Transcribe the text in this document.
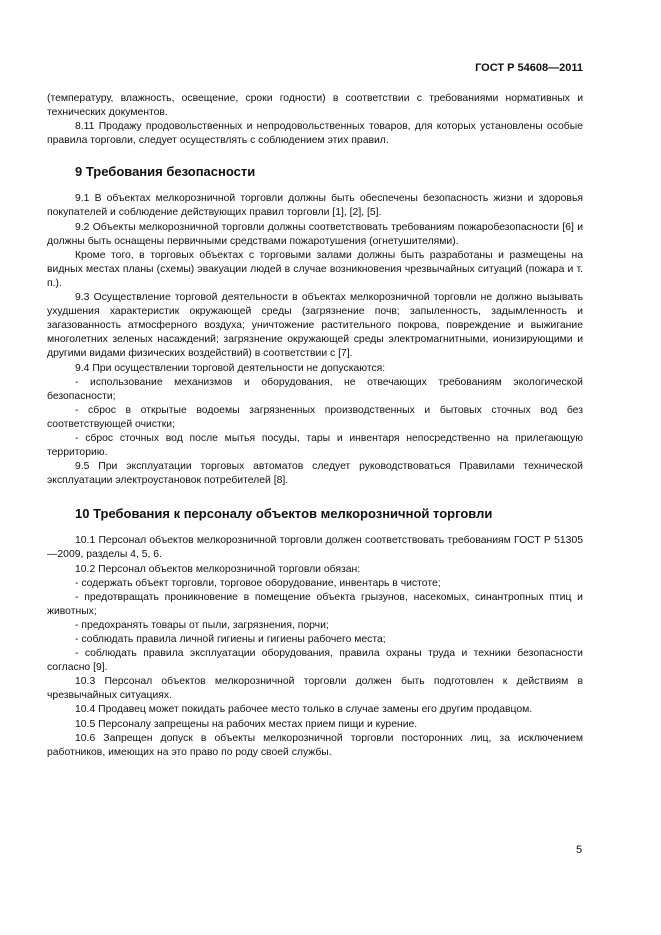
ГОСТ Р 54608—2011

(температуру, влажность, освещение, сроки годности) в соответствии с требованиями нормативных и технических документов.

8.11 Продажу продовольственных и непродовольственных товаров, для которых установлены особые правила торговли, следует осуществлять с соблюдением этих правил.

9 Требования безопасности

9.1 В объектах мелкорозничной торговли должны быть обеспечены безопасность жизни и здоровья покупателей и соблюдение действующих правил торговли [1], [2], [5].

9.2 Объекты мелкорозничной торговли должны соответствовать требованиям пожаробезопасности [6] и должны быть оснащены первичными средствами пожаротушения (огнетушителями).

Кроме того, в торговых объектах с торговыми залами должны быть разработаны и размещены на видных местах планы (схемы) эвакуации людей в случае возникновения чрезвычайных ситуаций (пожара и т. п.).

9.3 Осуществление торговой деятельности в объектах мелкорозничной торговли не должно вызывать ухудшения характеристик окружающей среды (загрязнение почв; запыленность, задымленность и загазованность атмосферного воздуха; уничтожение растительного покрова, повреждение и выжигание многолетних зеленых насаждений; загрязнение окружающей среды электромагнитными, ионизирующими и другими видами физических воздействий) в соответствии с [7].

9.4 При осуществлении торговой деятельности не допускаются:

- использование механизмов и оборудования, не отвечающих требованиям экологической безопасности;

- сброс в открытые водоемы загрязненных производственных и бытовых сточных вод без соответствующей очистки;

- сброс сточных вод после мытья посуды, тары и инвентаря непосредственно на прилегающую территорию.

9.5 При эксплуатации торговых автоматов следует руководствоваться Правилами технической эксплуатации электроустановок потребителей [8].

10 Требования к персоналу объектов мелкорозничной торговли

10.1 Персонал объектов мелкорозничной торговли должен соответствовать требованиям ГОСТ Р 51305—2009, разделы 4, 5, 6.

10.2 Персонал объектов мелкорозничной торговли обязан:

- содержать объект торговли, торговое оборудование, инвентарь в чистоте;

- предотвращать проникновение в помещение объекта грызунов, насекомых, синантропных птиц и животных;

- предохранять товары от пыли, загрязнения, порчи;

- соблюдать правила личной гигиены и гигиены рабочего места;

- соблюдать правила эксплуатации оборудования, правила охраны труда и техники безопасности согласно [9].

10.3 Персонал объектов мелкорозничной торговли должен быть подготовлен к действиям в чрезвычайных ситуациях.

10.4 Продавец может покидать рабочее место только в случае замены его другим продавцом.

10.5 Персоналу запрещены на рабочих местах прием пищи и курение.

10.6 Запрещен допуск в объекты мелкорозничной торговли посторонних лиц, за исключением работников, имеющих на это право по роду своей службы.

5
